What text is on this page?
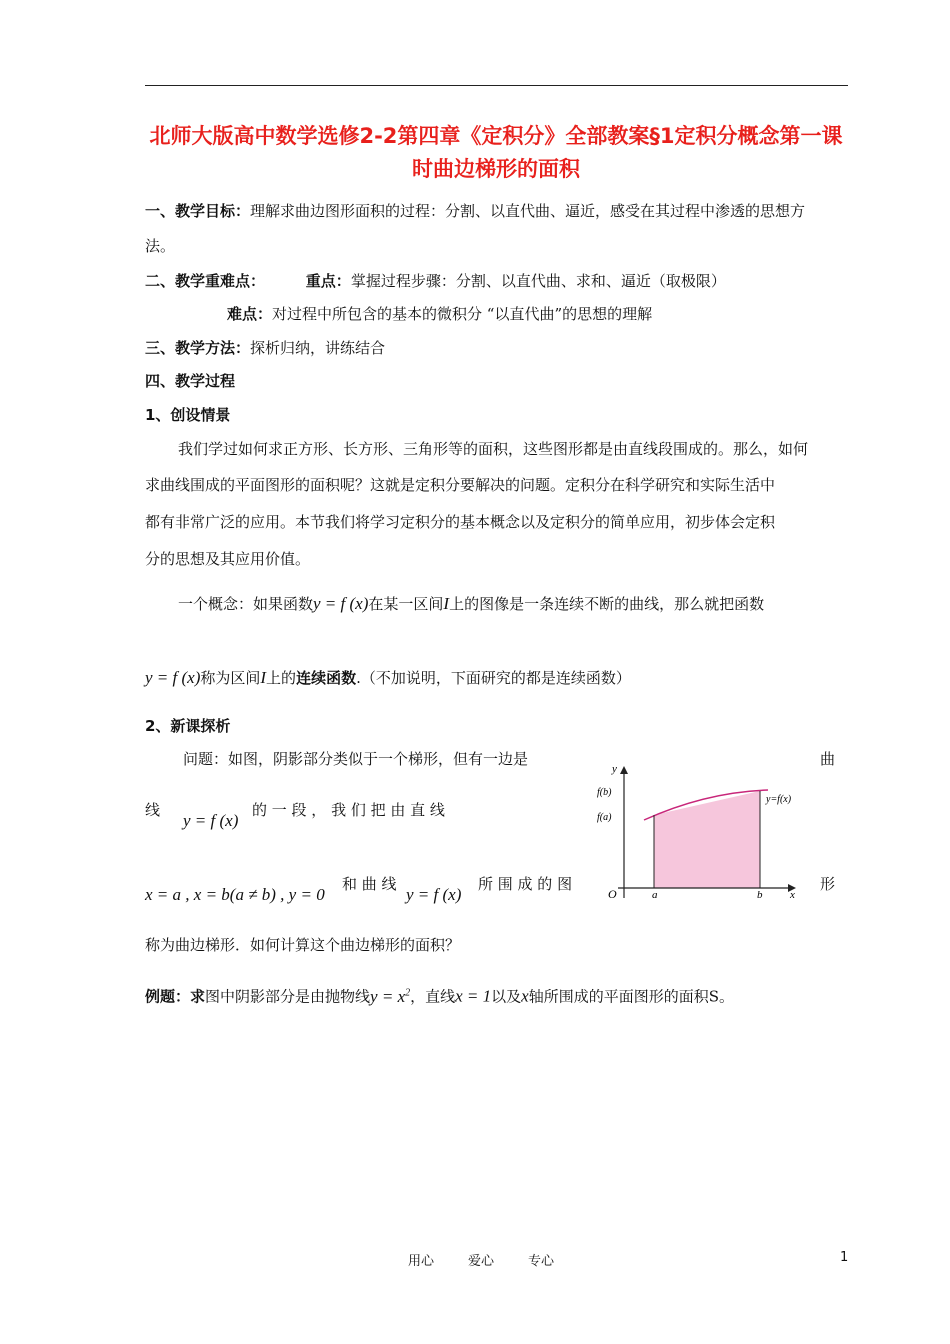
北师大版高中数学选修2-2第四章《定积分》全部教案§1定积分概念第一课时曲边梯形的面积
一、教学目标：理解求曲边图形面积的过程：分割、以直代曲、逼近，感受在其过程中渗透的思想方
法。
二、教学重难点：	重点：掌握过程步骤：分割、以直代曲、求和、逼近（取极限）
难点：对过程中所包含的基本的微积分 “以直代曲”的思想的理解
三、教学方法：探析归纳，讲练结合
四、教学过程
1、创设情景
我们学过如何求正方形、长方形、三角形等的面积，这些图形都是由直线段围成的。那么，如何
求曲线围成的平面图形的面积呢？这就是定积分要解决的问题。定积分在科学研究和实际生活中
都有非常广泛的应用。本节我们将学习定积分的基本概念以及定积分的简单应用，初步体会定积
分的思想及其应用价值。
一个概念：如果函数y = f (x)在某一区间I上的图像是一条连续不断的曲线，那么就把函数
y = f (x)称为区间I上的连续函数.（不加说明，下面研究的都是连续函数）
2、新课探析
问题：如图，阴影部分类似于一个梯形，但有一边是	曲
线
y = f (x)
的 一 段 ， 我 们 把 由 直 线
x = a , x = b(a ≠ b) , y = 0
和 曲 线
y = f (x)
所 围 成 的 图	形
称为曲边梯形．如何计算这个曲边梯形的面积？
y
x
O	a	b
f(b)
f(a)
y=f(x)
例题：求图中阴影部分是由抛物线$y = x^2$，直线x = 1以及x轴所围成的平面图形的面积S。
用心	爱心	专心	1
